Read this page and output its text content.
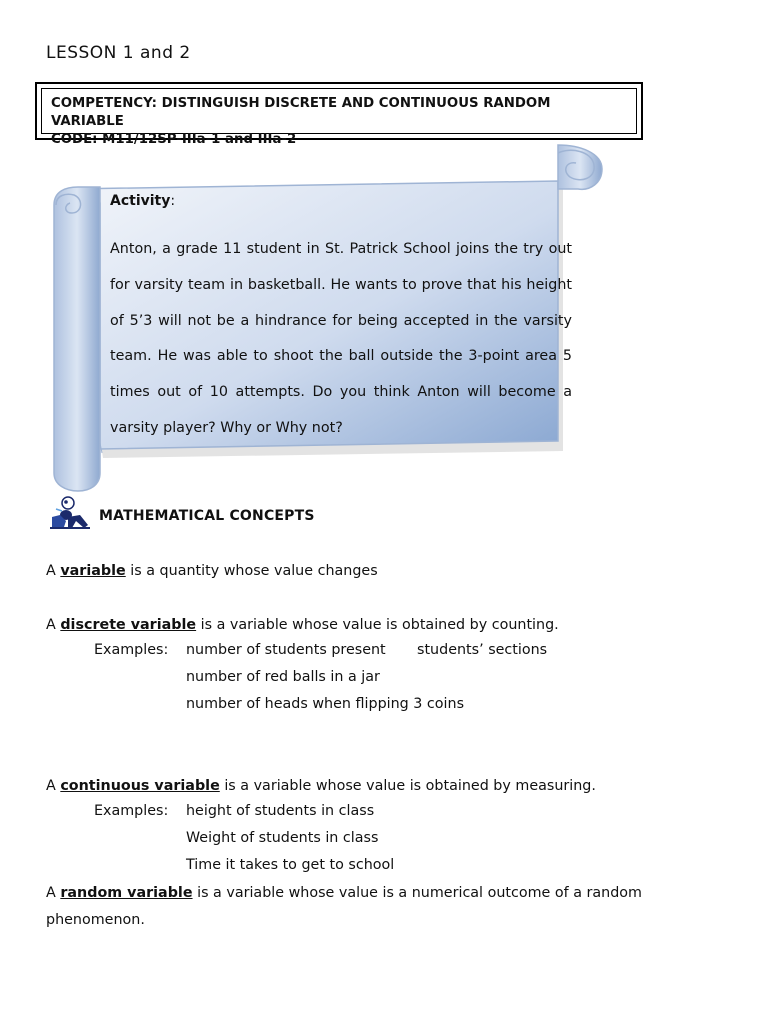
LESSON 1 and 2
COMPETENCY: DISTINGUISH DISCRETE AND CONTINUOUS RANDOM VARIABLE
CODE: M11/12SP-IIIa-1 and IIIa-2
Activity:
Anton, a grade 11 student in St. Patrick School joins the try out for varsity team in basketball. He wants to prove that his height of 5’3 will not be a hindrance for being accepted in the varsity team. He was able to shoot the ball outside the 3-point area 5 times out of 10 attempts. Do you think Anton will become a varsity player? Why or Why not?
MATHEMATICAL CONCEPTS
A variable is a quantity whose value changes
A discrete variable is a variable whose value is obtained by counting.
Examples: number of students present students’ sections
number of red balls in a jar
number of heads when flipping 3 coins
A continuous variable is a variable whose value is obtained by measuring.
Examples: height of students in class
Weight of students in class
Time it takes to get to school
A random variable is a variable whose value is a numerical outcome of a random
phenomenon.
